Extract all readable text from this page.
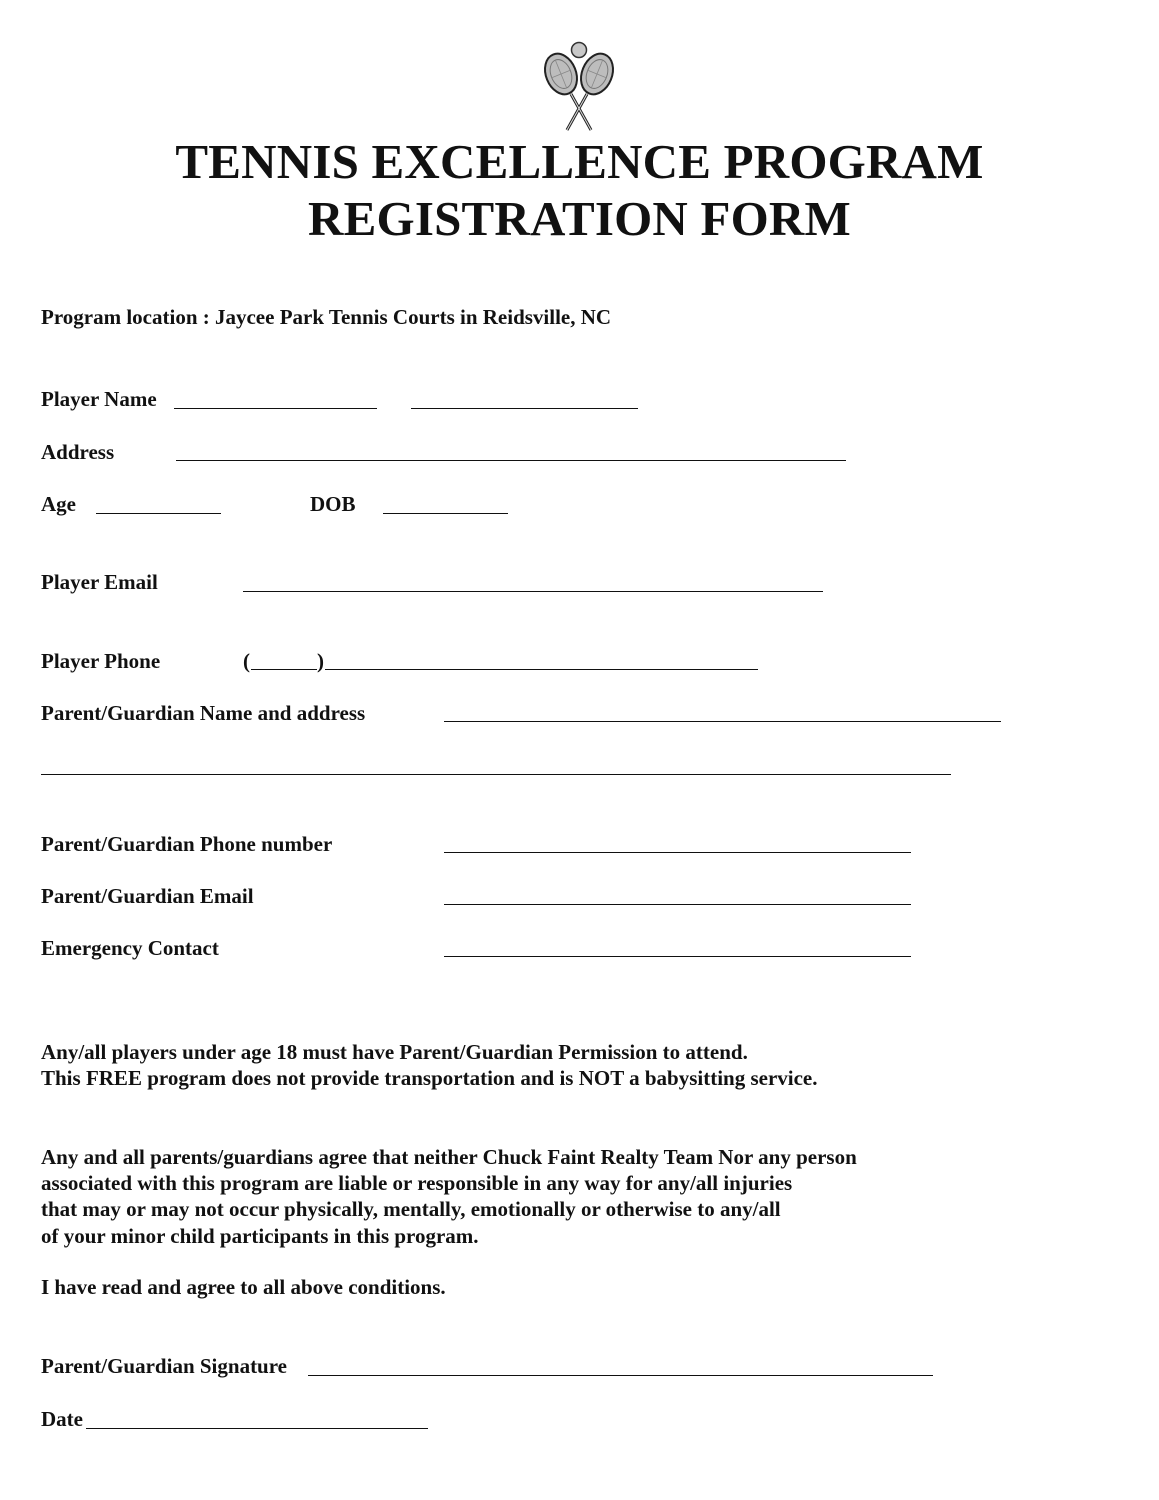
TENNIS EXCELLENCE PROGRAM
REGISTRATION FORM

Program location : Jaycee Park Tennis Courts in Reidsville, NC

Player Name

Address

Age	DOB

Player Email

Player Phone	(	)

Parent/Guardian Name and address

Parent/Guardian Phone number

Parent/Guardian Email

Emergency Contact

Any/all players under age 18 must have Parent/Guardian Permission to attend.
This FREE program does not provide transportation and is NOT a babysitting service.
Any and all parents/guardians agree that neither Chuck Faint Realty Team Nor any person
associated with this program are liable or responsible in any way for any/all injuries
that may or may not occur physically, mentally, emotionally or otherwise to any/all
of your minor child participants in this program.

I have read and agree to all above conditions.

Parent/Guardian Signature

Date
